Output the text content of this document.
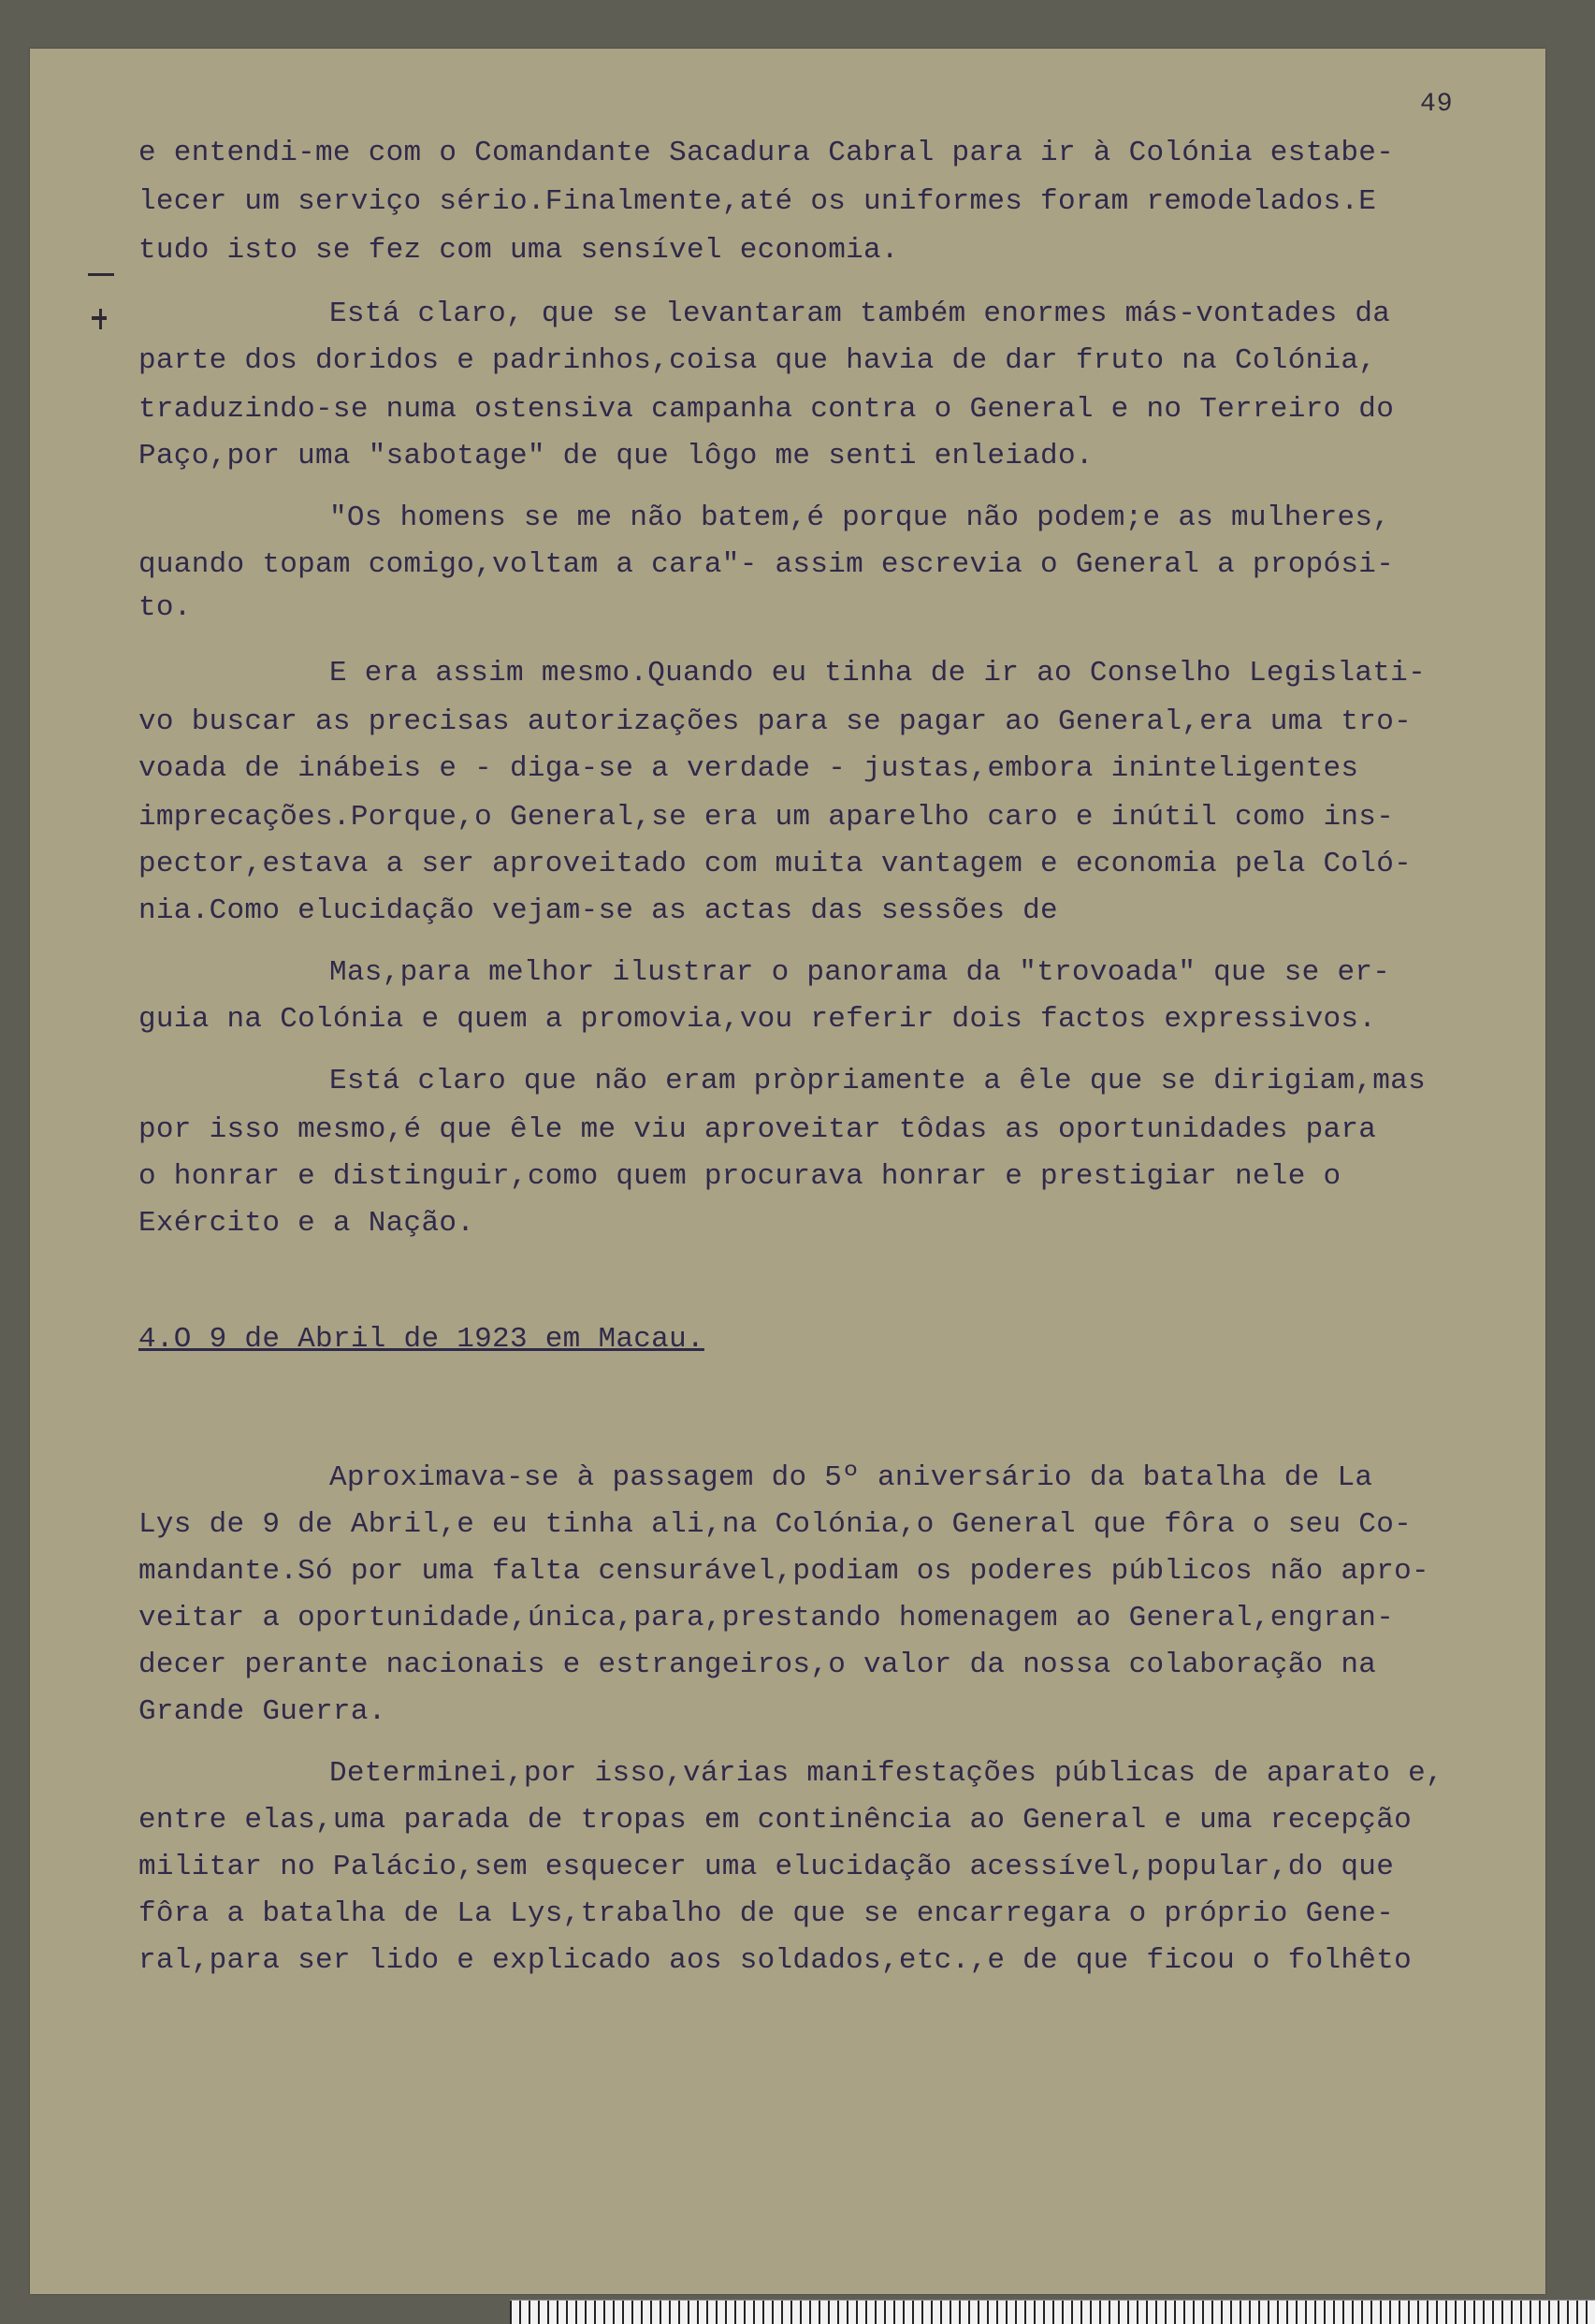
49
e entendi-me com o Comandante Sacadura Cabral para ir à Colónia estabe-
lecer um serviço sério.Finalmente,até os uniformes foram remodelados.E
tudo isto se fez com uma sensível economia.
Está claro, que se levantaram também enormes más-vontades da
parte dos doridos e padrinhos,coisa que havia de dar fruto na Colónia,
traduzindo-se numa ostensiva campanha contra o General e no Terreiro do
Paço,por uma "sabotage" de que lôgo me senti enleiado.
"Os homens se me não batem,é porque não podem;e as mulheres,
quando topam comigo,voltam a cara"- assim escrevia o General a propósi-
to.
E era assim mesmo.Quando eu tinha de ir ao Conselho Legislati-
vo buscar as precisas autorizações para se pagar ao General,era uma tro-
voada de inábeis e - diga-se a verdade - justas,embora ininteligentes
imprecações.Porque,o General,se era um aparelho caro e inútil como ins-
pector,estava a ser aproveitado com muita vantagem e economia pela Coló-
nia.Como elucidação vejam-se as actas das sessões de
Mas,para melhor ilustrar o panorama da "trovoada" que se er-
guia na Colónia e quem a promovia,vou referir dois factos expressivos.
Está claro que não eram pròpriamente a êle que se dirigiam,mas
por isso mesmo,é que êle me viu aproveitar tôdas as oportunidades para
o honrar e distinguir,como quem procurava honrar e prestigiar nele o
Exército e a Nação.
4.O 9 de Abril de 1923 em Macau.
Aproximava-se à passagem do 5º aniversário da batalha de La
Lys de 9 de Abril,e eu tinha ali,na Colónia,o General que fôra o seu Co-
mandante.Só por uma falta censurável,podiam os poderes públicos não apro-
veitar a oportunidade,única,para,prestando homenagem ao General,engran-
decer perante nacionais e estrangeiros,o valor da nossa colaboração na
Grande Guerra.
Determinei,por isso,várias manifestações públicas de aparato e,
entre elas,uma parada de tropas em continência ao General e uma recepção
militar no Palácio,sem esquecer uma elucidação acessível,popular,do que
fôra a batalha de La Lys,trabalho de que se encarregara o próprio Gene-
ral,para ser lido e explicado aos soldados,etc.,e de que ficou o folhêto
